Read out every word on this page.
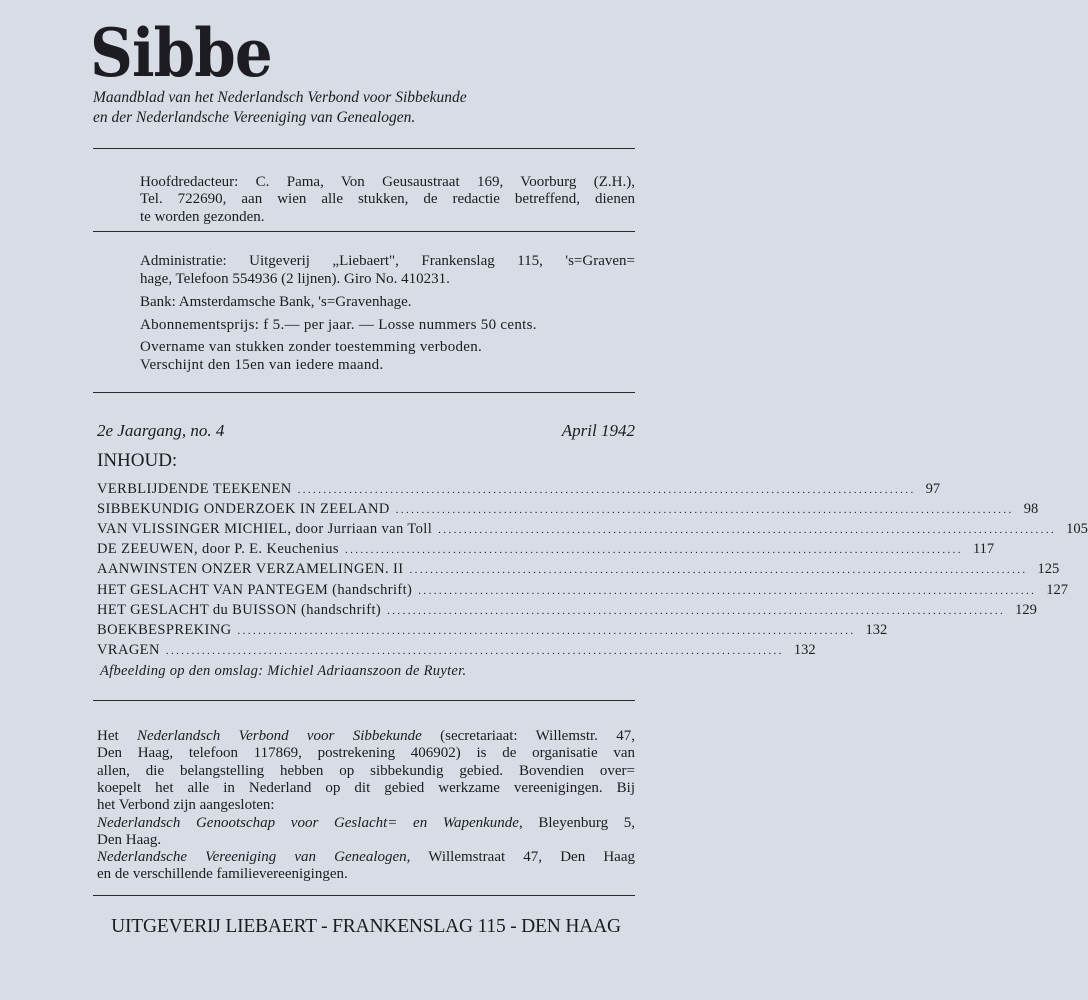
Sibbe
Maandblad van het Nederlandsch Verbond voor Sibbekunde
en der Nederlandsche Vereeniging van Genealogen.
Hoofdredacteur: C. Pama, Von Geusaustraat 169, Voorburg (Z.H.),
Tel. 722690, aan wien alle stukken, de redactie betreffend, dienen
te worden gezonden.
Administratie: Uitgeverij „Liebaert", Frankenslag 115, 's=Graven=
hage, Telefoon 554936 (2 lijnen). Giro No. 410231.
Bank: Amsterdamsche Bank, 's=Gravenhage.
Abonnementsprijs: f 5.— per jaar. — Losse nummers 50 cents.
Overname van stukken zonder toestemming verboden.
Verschijnt den 15en van iedere maand.
2e Jaargang, no. 4	April 1942
INHOUD:
VERBLIJDENDE TEEKENEN ........................................................................................................................ 97
SIBBEKUNDIG ONDERZOEK IN ZEELAND ........................................................................................................................ 98
VAN VLISSINGER MICHIEL, door Jurriaan van Toll ........................................................................................................................ 105
DE ZEEUWEN, door P. E. Keuchenius ........................................................................................................................ 117
AANWINSTEN ONZER VERZAMELINGEN. II ........................................................................................................................ 125
HET GESLACHT VAN PANTEGEM (handschrift) ........................................................................................................................ 127
HET GESLACHT du BUISSON (handschrift) ........................................................................................................................ 129
BOEKBESPREKING ........................................................................................................................ 132
VRAGEN ........................................................................................................................ 132
Afbeelding op den omslag: Michiel Adriaanszoon de Ruyter.
Het Nederlandsch Verbond voor Sibbekunde (secretariaat: Willemstr. 47,
Den Haag, telefoon 117869, postrekening 406902) is de organisatie van
allen, die belangstelling hebben op sibbekundig gebied. Bovendien over=
koepelt het alle in Nederland op dit gebied werkzame vereenigingen. Bij
het Verbond zijn aangesloten:
Nederlandsch Genootschap voor Geslacht= en Wapenkunde, Bleyenburg 5,
Den Haag.
Nederlandsche Vereeniging van Genealogen, Willemstraat 47, Den Haag
en de verschillende familievereenigingen.
UITGEVERIJ LIEBAERT - FRANKENSLAG 115 - DEN HAAG
